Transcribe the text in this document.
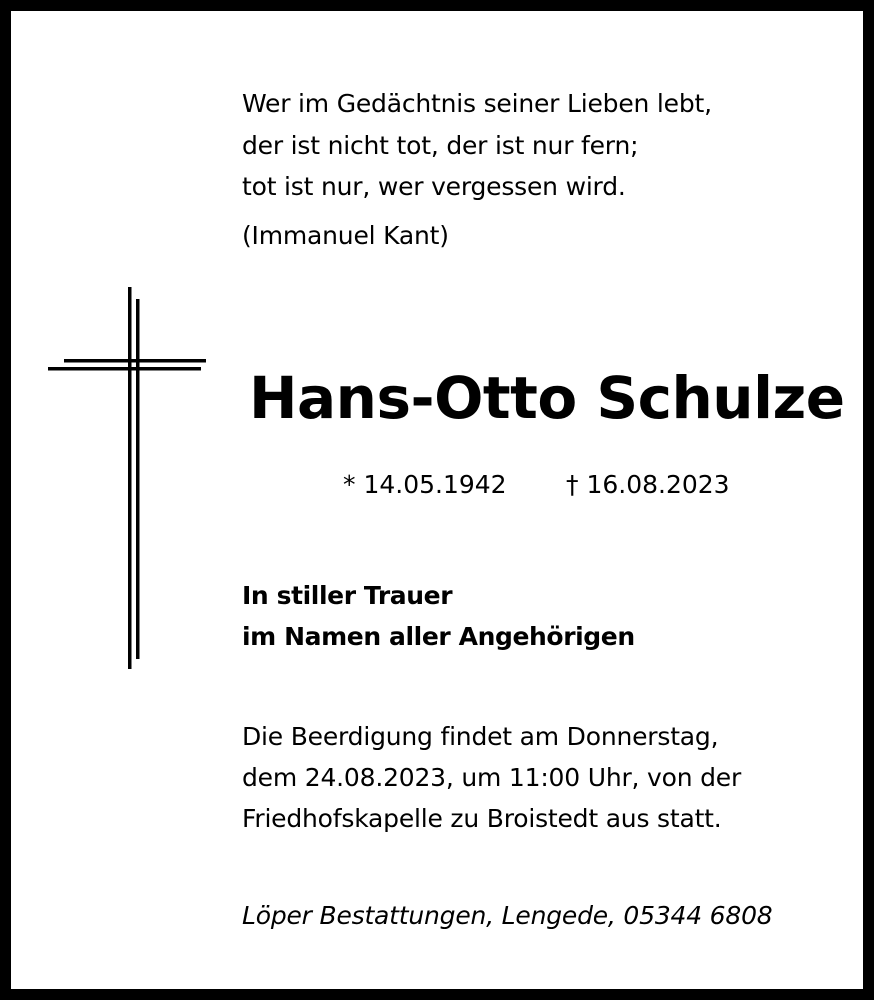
Wer im Gedächtnis seiner Lieben lebt,

der ist nicht tot, der ist nur fern;

tot ist nur, wer vergessen wird.

(Immanuel Kant)

Hans-Otto Schulze
* 14.05.1942 † 16.08.2023

In stiller Trauer

im Namen aller Angehörigen

Die Beerdigung findet am Donnerstag,

dem 24.08.2023, um 11:00 Uhr, von der

Friedhofskapelle zu Broistedt aus statt.

Löper Bestattungen, Lengede, 05344 6808
